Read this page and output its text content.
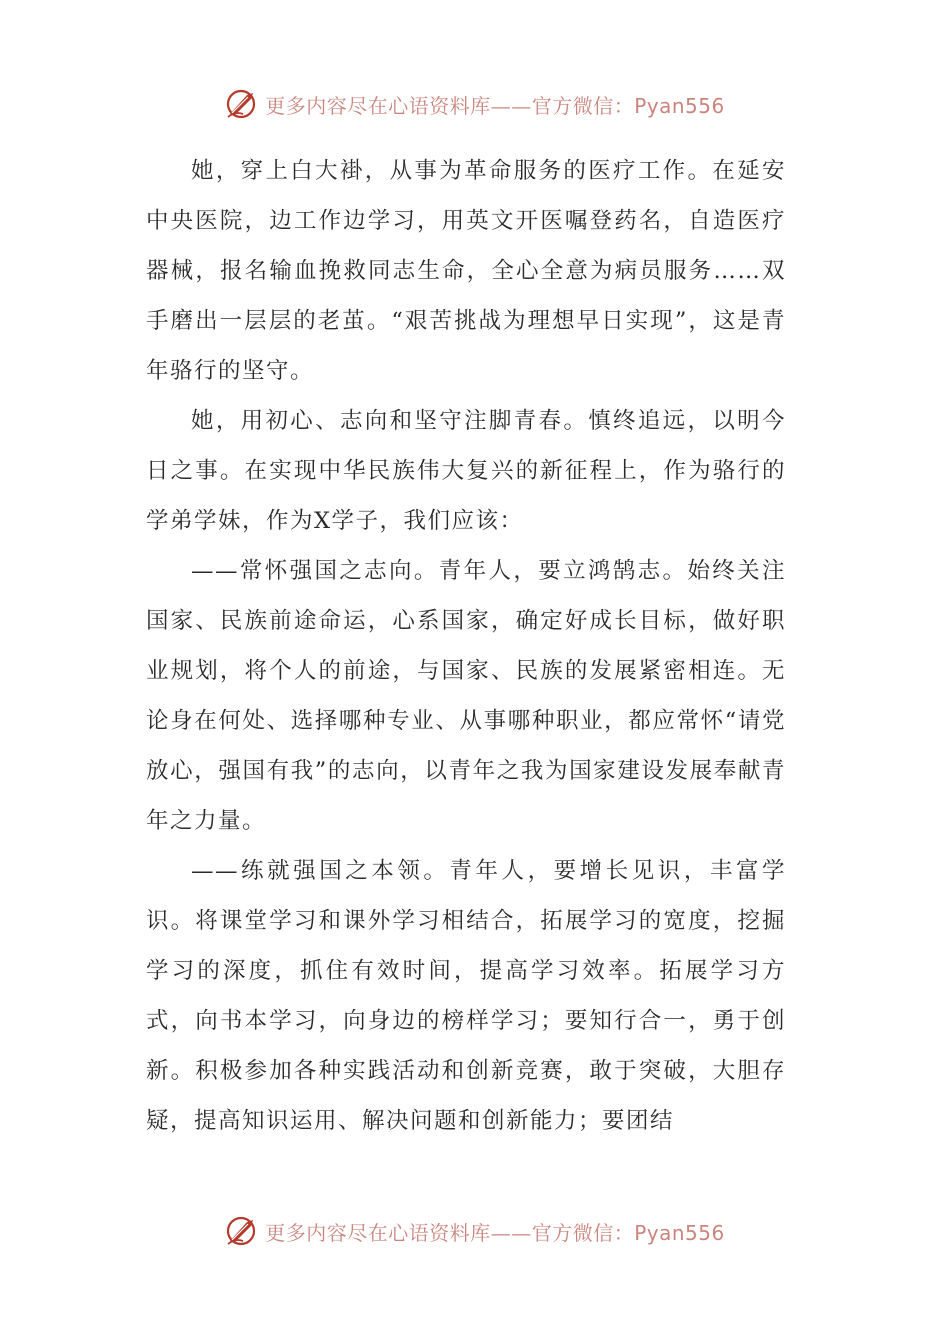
更多内容尽在心语资料库——官方微信：Pyan556

她，穿上白大褂，从事为革命服务的医疗工作。在延安中央医院，边工作边学习，用英文开医嘱登药名，自造医疗器械，报名输血挽救同志生命，全心全意为病员服务……双手磨出一层层的老茧。“艰苦挑战为理想早日实现”，这是青年骆行的坚守。

她，用初心、志向和坚守注脚青春。慎终追远，以明今日之事。在实现中华民族伟大复兴的新征程上，作为骆行的学弟学妹，作为X学子，我们应该：

——常怀强国之志向。青年人，要立鸿鹄志。始终关注国家、民族前途命运，心系国家，确定好成长目标，做好职业规划，将个人的前途，与国家、民族的发展紧密相连。无论身在何处、选择哪种专业、从事哪种职业，都应常怀“请党放心，强国有我”的志向，以青年之我为国家建设发展奉献青年之力量。

——练就强国之本领。青年人，要增长见识，丰富学识。将课堂学习和课外学习相结合，拓展学习的宽度，挖掘学习的深度，抓住有效时间，提高学习效率。拓展学习方式，向书本学习，向身边的榜样学习；要知行合一，勇于创新。积极参加各种实践活动和创新竞赛，敢于突破，大胆存疑，提高知识运用、解决问题和创新能力；要团结

更多内容尽在心语资料库——官方微信：Pyan556
